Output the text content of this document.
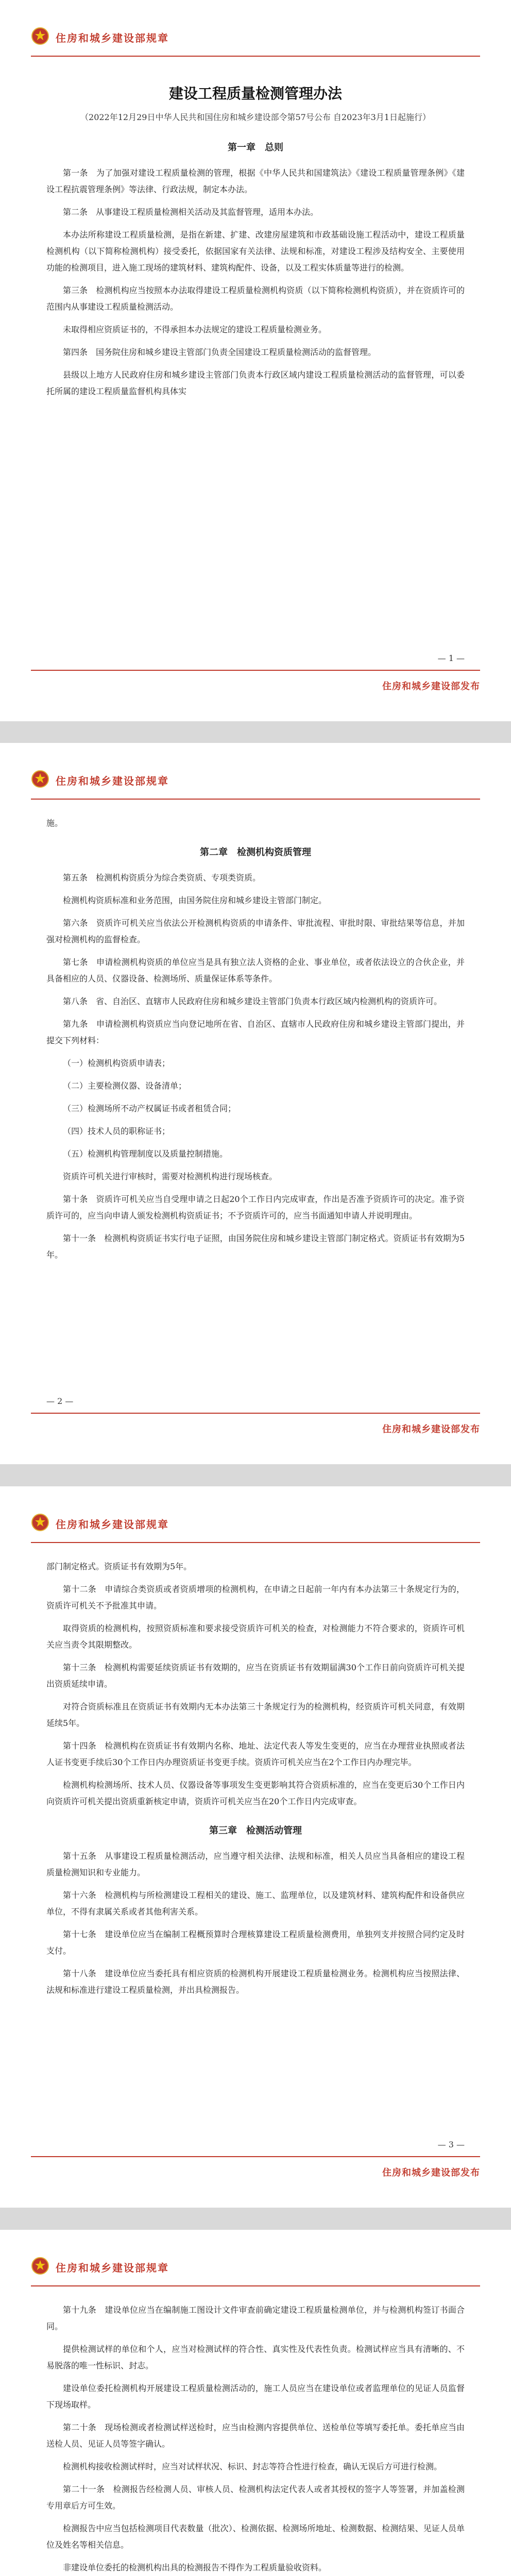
住房和城乡建设部规章
建设工程质量检测管理办法
（2022年12月29日中华人民共和国住房和城乡建设部令第57号公布 自2023年3月1日起施行）
第一章　总则

第一条　为了加强对建设工程质量检测的管理，根据《中华人民共和国建筑法》《建设工程质量管理条例》《建设工程抗震管理条例》等法律、行政法规，制定本办法。

第二条　从事建设工程质量检测相关活动及其监督管理，适用本办法。

本办法所称建设工程质量检测，是指在新建、扩建、改建房屋建筑和市政基础设施工程活动中，建设工程质量检测机构（以下简称检测机构）接受委托，依据国家有关法律、法规和标准，对建设工程涉及结构安全、主要使用功能的检测项目，进入施工现场的建筑材料、建筑构配件、设备，以及工程实体质量等进行的检测。

第三条　检测机构应当按照本办法取得建设工程质量检测机构资质（以下简称检测机构资质），并在资质许可的范围内从事建设工程质量检测活动。

未取得相应资质证书的，不得承担本办法规定的建设工程质量检测业务。

第四条　国务院住房和城乡建设主管部门负责全国建设工程质量检测活动的监督管理。

县级以上地方人民政府住房和城乡建设主管部门负责本行政区域内建设工程质量检测活动的监督管理，可以委托所属的建设工程质量监督机构具体实

— 1 —
住房和城乡建设部发布
住房和城乡建设部规章

施。

第二章　检测机构资质管理

第五条　检测机构资质分为综合类资质、专项类资质。

检测机构资质标准和业务范围，由国务院住房和城乡建设主管部门制定。

第六条　资质许可机关应当依法公开检测机构资质的申请条件、审批流程、审批时限、审批结果等信息，并加强对检测机构的监督检查。

第七条　申请检测机构资质的单位应当是具有独立法人资格的企业、事业单位，或者依法设立的合伙企业，并具备相应的人员、仪器设备、检测场所、质量保证体系等条件。

第八条　省、自治区、直辖市人民政府住房和城乡建设主管部门负责本行政区域内检测机构的资质许可。

第九条　申请检测机构资质应当向登记地所在省、自治区、直辖市人民政府住房和城乡建设主管部门提出，并提交下列材料：

（一）检测机构资质申请表；

（二）主要检测仪器、设备清单；

（三）检测场所不动产权属证书或者租赁合同；

（四）技术人员的职称证书；

（五）检测机构管理制度以及质量控制措施。

资质许可机关进行审核时，需要对检测机构进行现场核查。

第十条　资质许可机关应当自受理申请之日起20个工作日内完成审查，作出是否准予资质许可的决定。准予资质许可的，应当向申请人颁发检测机构资质证书；不予资质许可的，应当书面通知申请人并说明理由。

第十一条　检测机构资质证书实行电子证照，由国务院住房和城乡建设主管部门制定格式。资质证书有效期为5年。

— 2 —
住房和城乡建设部发布
住房和城乡建设部规章

部门制定格式。资质证书有效期为5年。

第十二条　申请综合类资质或者资质增项的检测机构，在申请之日起前一年内有本办法第三十条规定行为的，资质许可机关不予批准其申请。

取得资质的检测机构，按照资质标准和要求接受资质许可机关的检查，对检测能力不符合要求的，资质许可机关应当责令其限期整改。

第十三条　检测机构需要延续资质证书有效期的，应当在资质证书有效期届满30个工作日前向资质许可机关提出资质延续申请。

对符合资质标准且在资质证书有效期内无本办法第三十条规定行为的检测机构，经资质许可机关同意，有效期延续5年。

第十四条　检测机构在资质证书有效期内名称、地址、法定代表人等发生变更的，应当在办理营业执照或者法人证书变更手续后30个工作日内办理资质证书变更手续。资质许可机关应当在2个工作日内办理完毕。

检测机构检测场所、技术人员、仪器设备等事项发生变更影响其符合资质标准的，应当在变更后30个工作日内向资质许可机关提出资质重新核定申请，资质许可机关应当在20个工作日内完成审查。

第三章　检测活动管理

第十五条　从事建设工程质量检测活动，应当遵守相关法律、法规和标准，相关人员应当具备相应的建设工程质量检测知识和专业能力。

第十六条　检测机构与所检测建设工程相关的建设、施工、监理单位，以及建筑材料、建筑构配件和设备供应单位，不得有隶属关系或者其他利害关系。

第十七条　建设单位应当在编制工程概预算时合理核算建设工程质量检测费用，单独列支并按照合同约定及时支付。

第十八条　建设单位应当委托具有相应资质的检测机构开展建设工程质量检测业务。检测机构应当按照法律、法规和标准进行建设工程质量检测，并出具检测报告。

— 3 —
住房和城乡建设部发布
住房和城乡建设部规章

第十九条　建设单位应当在编制施工图设计文件审查前确定建设工程质量检测单位，并与检测机构签订书面合同。

提供检测试样的单位和个人，应当对检测试样的符合性、真实性及代表性负责。检测试样应当具有清晰的、不易脱落的唯一性标识、封志。

建设单位委托检测机构开展建设工程质量检测活动的，施工人员应当在建设单位或者监理单位的见证人员监督下现场取样。

第二十条　现场检测或者检测试样送检时，应当由检测内容提供单位、送检单位等填写委托单。委托单应当由送检人员、见证人员等签字确认。

检测机构接收检测试样时，应当对试样状况、标识、封志等符合性进行检查，确认无误后方可进行检测。

第二十一条　检测报告经检测人员、审核人员、检测机构法定代表人或者其授权的签字人等签署，并加盖检测专用章后方可生效。

检测报告中应当包括检测项目代表数量（批次）、检测依据、检测场所地址、检测数据、检测结果、见证人员单位及姓名等相关信息。

非建设单位委托的检测机构出具的检测报告不得作为工程质量验收资料。
